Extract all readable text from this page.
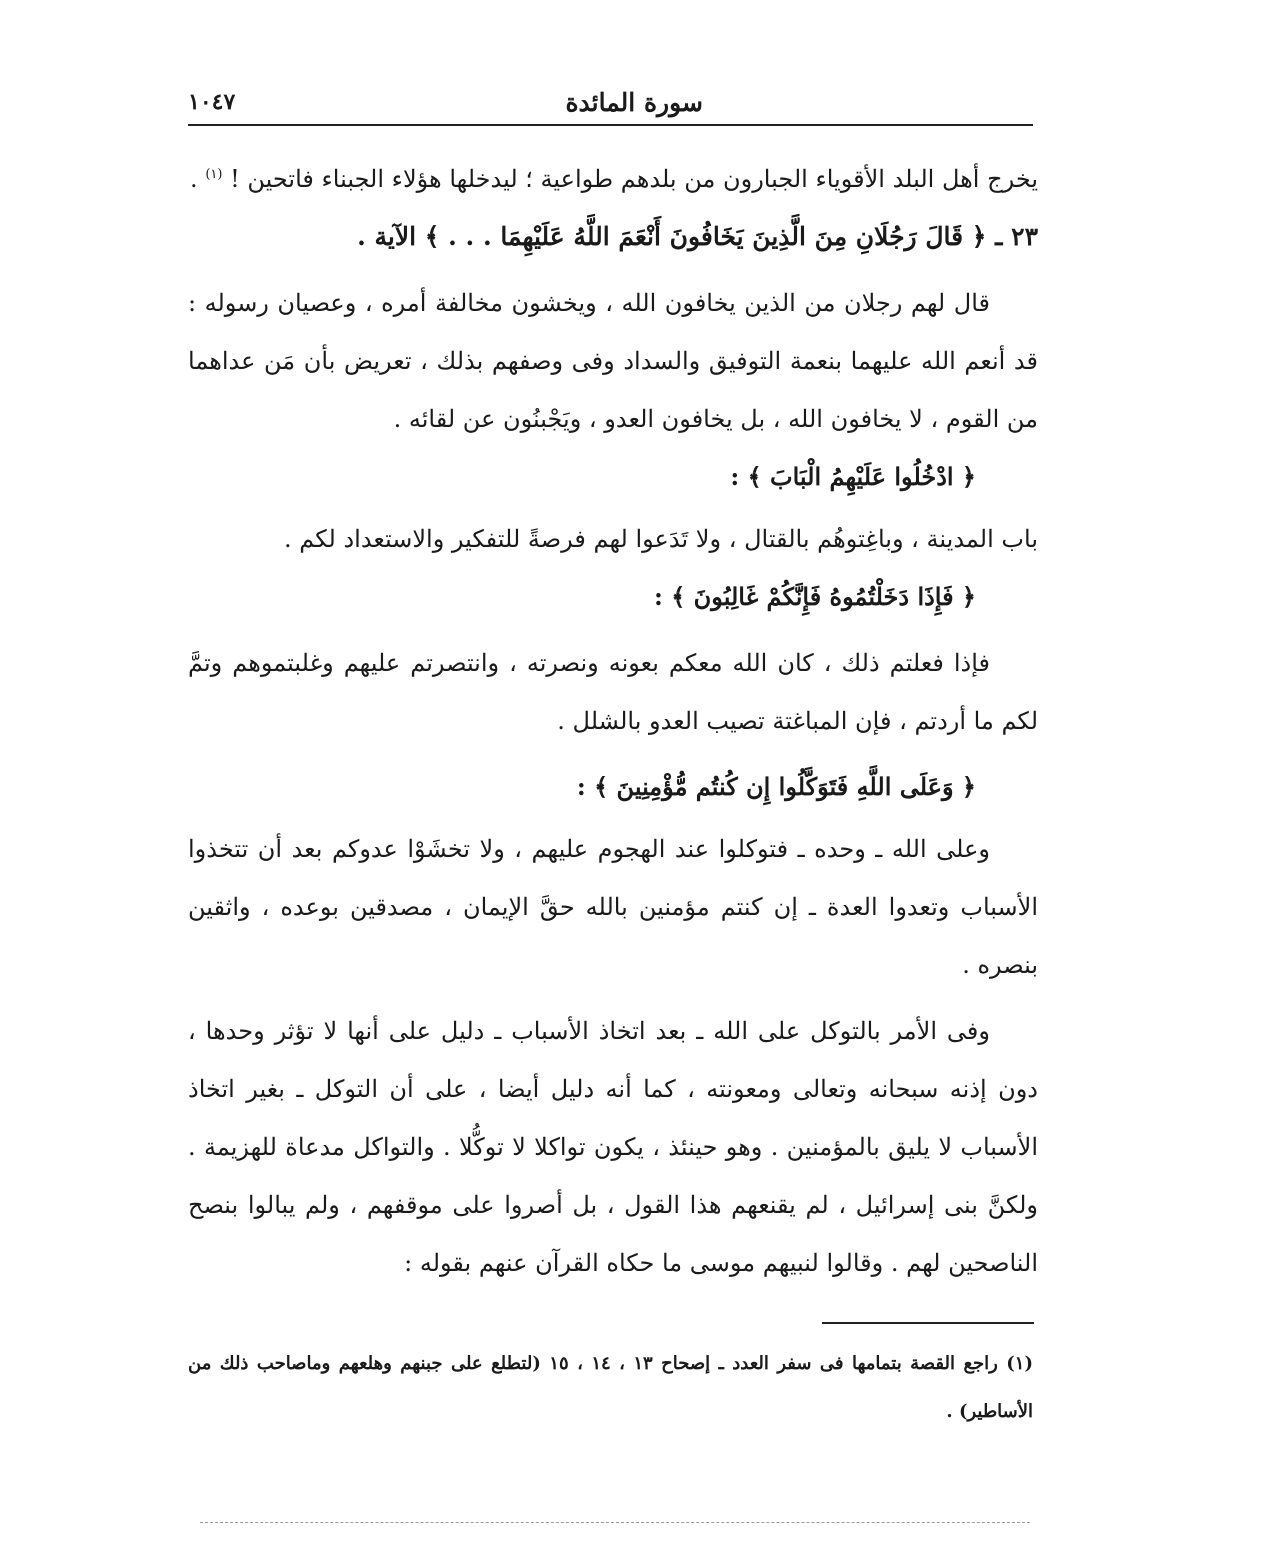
سورة المائدة
١٠٤٧

يخرج أهل البلد الأقوياء الجبارون من بلدهم طواعية ؛ ليدخلها هؤلاء الجبناء فاتحين ! $^{(١)}$ .

٢٣ ـ ﴿ قَالَ رَجُلَانِ مِنَ الَّذِينَ يَخَافُونَ أَنْعَمَ اللَّهُ عَلَيْهِمَا . . . ﴾ الآية .

قال لهم رجلان من الذين يخافون الله ، ويخشون مخالفة أمره ، وعصيان رسوله : قد أنعم الله عليهما بنعمة التوفيق والسداد وفى وصفهم بذلك ، تعريض بأن مَن عداهما من القوم ، لا يخافون الله ، بل يخافون العدو ، ويَجْبنُون عن لقائه .

﴿ ادْخُلُوا عَلَيْهِمُ الْبَابَ ﴾ :

باب المدينة ، وباغِتوهُم بالقتال ، ولا تَدَعوا لهم فرصةً للتفكير والاستعداد لكم .

﴿ فَإِذَا دَخَلْتُمُوهُ فَإِنَّكُمْ غَالِبُونَ ﴾ :

فإذا فعلتم ذلك ، كان الله معكم بعونه ونصرته ، وانتصرتم عليهم وغلبتموهم وتمَّ لكم ما أردتم ، فإن المباغتة تصيب العدو بالشلل .

﴿ وَعَلَى اللَّهِ فَتَوَكَّلُوا إِن كُنتُم مُّؤْمِنِينَ ﴾ :

وعلى الله ـ وحده ـ فتوكلوا عند الهجوم عليهم ، ولا تخشَوْا عدوكم بعد أن تتخذوا الأسباب وتعدوا العدة ـ إن كنتم مؤمنين بالله حقَّ الإيمان ، مصدقين بوعده ، واثقين بنصره .

وفى الأمر بالتوكل على الله ـ بعد اتخاذ الأسباب ـ دليل على أنها لا تؤثر وحدها ، دون إذنه سبحانه وتعالى ومعونته ، كما أنه دليل أيضا ، على أن التوكل ـ بغير اتخاذ الأسباب لا يليق بالمؤمنين . وهو حينئذ ، يكون تواكلا لا توكُّلا . والتواكل مدعاة للهزيمة . ولكنَّ بنى إسرائيل ، لم يقنعهم هذا القول ، بل أصروا على موقفهم ، ولم يبالوا بنصح الناصحين لهم . وقالوا لنبيهم موسى ما حكاه القرآن عنهم بقوله :

(١) راجع القصة بتمامها فى سفر العدد ـ إصحاح ١٣ ، ١٤ ، ١٥ (لتطلع على جبنهم وهلعهم وماصاحب ذلك من الأساطير) .
